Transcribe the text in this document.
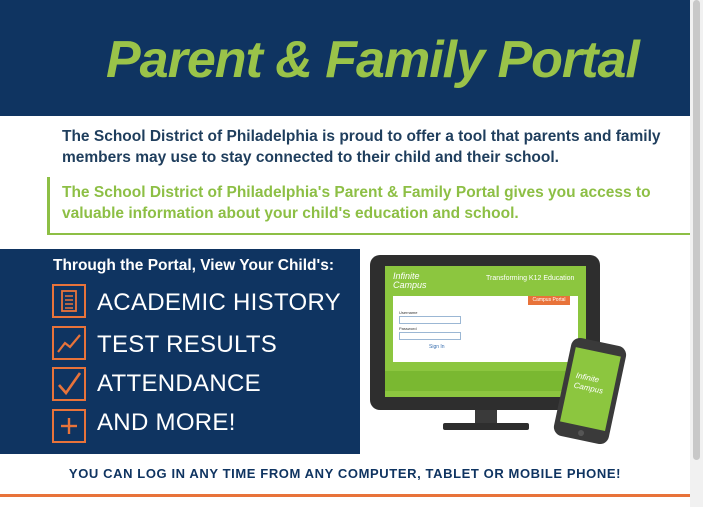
Parent & Family Portal
The School District of Philadelphia is proud to offer a tool that parents and family members may use to stay connected to their child and their school.
The School District of Philadelphia's Parent & Family Portal gives you access to valuable information about your child's education and school.
Through the Portal, View Your Child's:
ACADEMIC HISTORY
TEST RESULTS
ATTENDANCE
AND MORE!
Infinite
Campus
Transforming K12 Education
Username
Password
Sign In
Campus Portal
Infinite
Campus
YOU CAN LOG IN ANY TIME FROM ANY COMPUTER, TABLET OR MOBILE PHONE!
